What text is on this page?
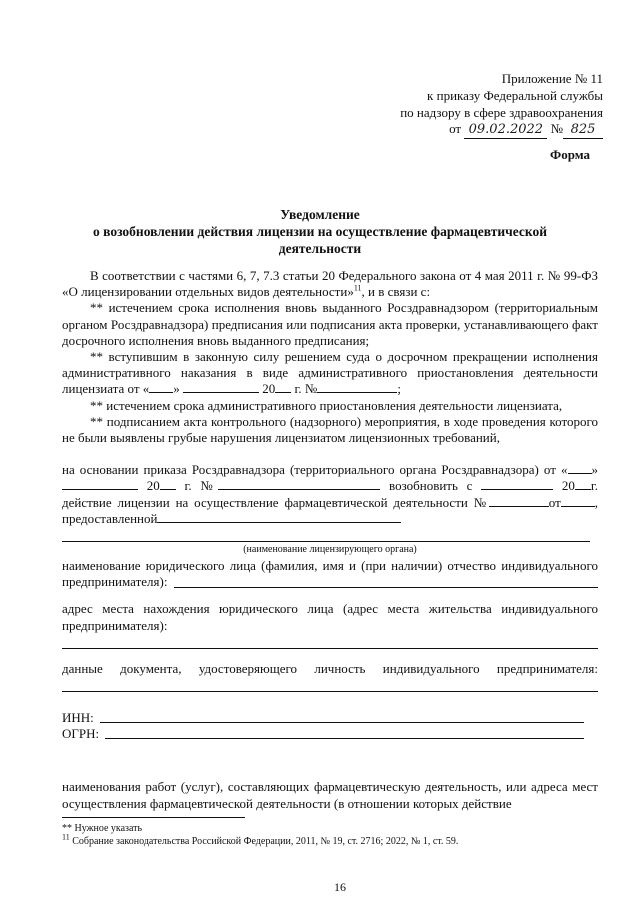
Приложение № 11
к приказу Федеральной службы
по надзору в сфере здравоохранения
от 09.02.2022 № 825
Форма
Уведомление
о возобновлении действия лицензии на осуществление фармацевтической
деятельности
В соответствии с частями 6, 7, 7.3 статьи 20 Федерального закона от 4 мая 2011 г. № 99-ФЗ «О лицензировании отдельных видов деятельности»$^{11}$, и в связи с:
** истечением срока исполнения вновь выданного Росздравнадзором (территориальным органом Росздравнадзора) предписания или подписания акта проверки, устанавливающего факт досрочного исполнения вновь выданного предписания;
** вступившим в законную силу решением суда о досрочном прекращении исполнения административного наказания в виде административного приостановления деятельности лицензиата от « »	20 г. №	;
** истечением срока административного приостановления деятельности лицензиата,
** подписанием акта контрольного (надзорного) мероприятия, в ходе проведения которого не были выявлены грубые нарушения лицензиатом лицензионных требований,
на основании приказа Росздравнадзора (территориального органа Росздравнадзора) от « »  20 г. №	возобновить с	20 г. действие лицензии на осуществление фармацевтической деятельности №	от	, предоставленной
(наименование лицензирующего органа)
наименование юридического лица (фамилия, имя и (при наличии) отчество индивидуального предпринимателя):
адрес места нахождения юридического лица (адрес места жительства индивидуального предпринимателя):
данные документа, удостоверяющего личность индивидуального предпринимателя:
ИНН:
ОГРН:
наименования работ (услуг), составляющих фармацевтическую деятельность, или адреса мест осуществления фармацевтической деятельности (в отношении которых действие
** Нужное указать
$^{11}$ Собрание законодательства Российской Федерации, 2011, № 19, ст. 2716; 2022, № 1, ст. 59.
16
